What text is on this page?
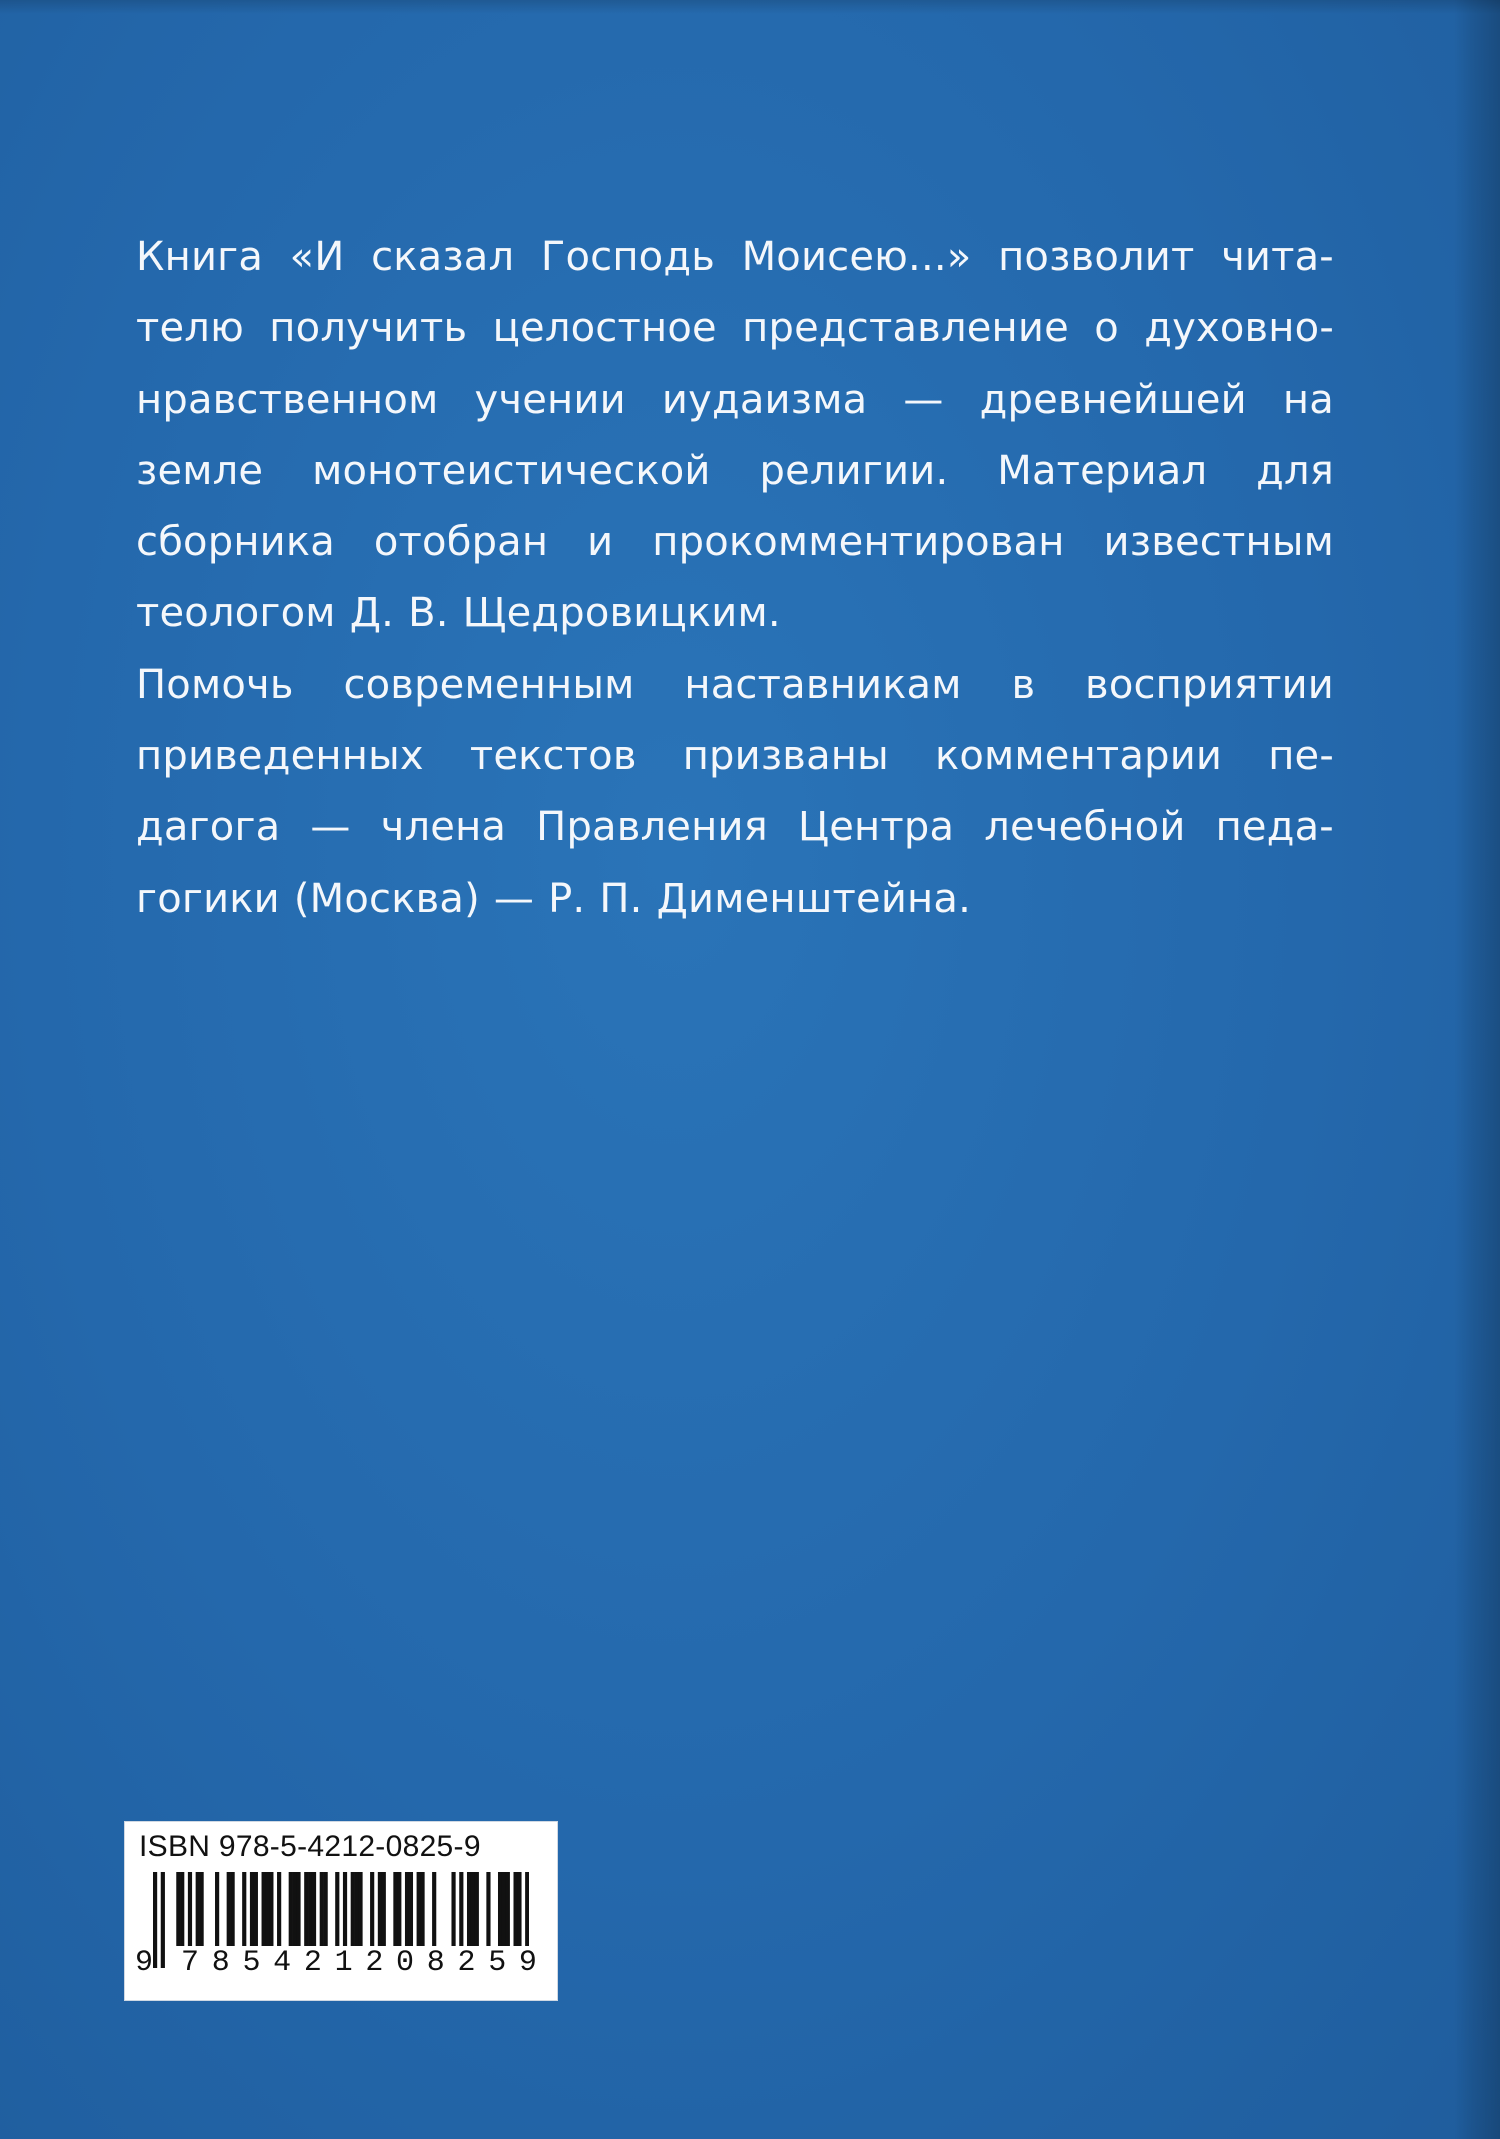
Книга «И сказал Господь Моисею...» позволит чита-
телю получить целостное представление о духовно-
нравственном учении иудаизма — древнейшей на
земле монотеистической религии. Материал для
сборника отобран и прокомментирован известным
теологом Д. В. Щедровицким.
Помочь современным наставникам в восприятии
приведенных текстов призваны комментарии пе-
дагога — члена Правления Центра лечебной педа-
гогики (Москва) — Р. П. Дименштейна.
ISBN 978-5-4212-0825-9
9 7 8 5 4 2 1 2 0 8 2 5 9
